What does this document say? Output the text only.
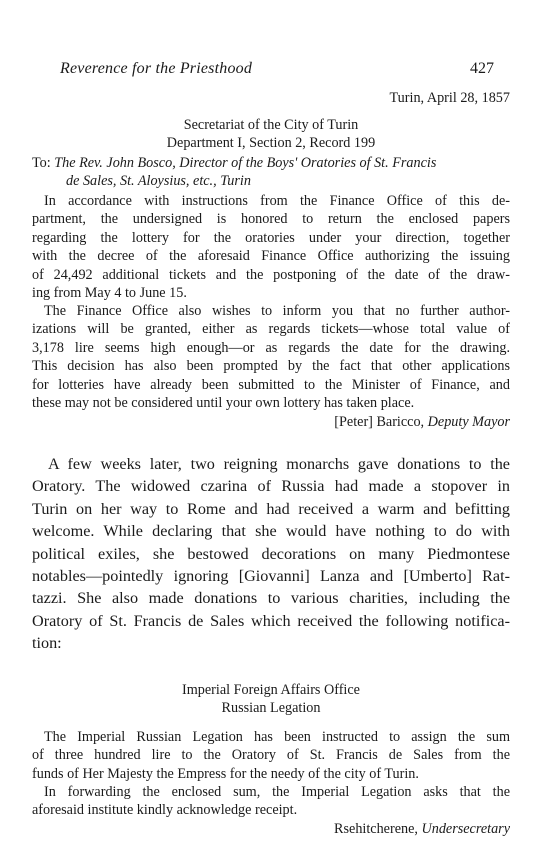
Reverence for the Priesthood	427
Turin, April 28, 1857
Secretariat of the City of Turin
Department I, Section 2, Record 199
To: The Rev. John Bosco, Director of the Boys' Oratories of St. Francis
de Sales, St. Aloysius, etc., Turin
In accordance with instructions from the Finance Office of this de-
partment, the undersigned is honored to return the enclosed papers
regarding the lottery for the oratories under your direction, together
with the decree of the aforesaid Finance Office authorizing the issuing
of 24,492 additional tickets and the postponing of the date of the draw-
ing from May 4 to June 15.
The Finance Office also wishes to inform you that no further author-
izations will be granted, either as regards tickets—whose total value of
3,178 lire seems high enough—or as regards the date for the drawing.
This decision has also been prompted by the fact that other applications
for lotteries have already been submitted to the Minister of Finance, and
these may not be considered until your own lottery has taken place.
[Peter] Baricco, Deputy Mayor
A few weeks later, two reigning monarchs gave donations to the
Oratory. The widowed czarina of Russia had made a stopover in
Turin on her way to Rome and had received a warm and befitting
welcome. While declaring that she would have nothing to do with
political exiles, she bestowed decorations on many Piedmontese
notables—pointedly ignoring [Giovanni] Lanza and [Umberto] Rat-
tazzi. She also made donations to various charities, including the
Oratory of St. Francis de Sales which received the following notifica-
tion:
Imperial Foreign Affairs Office
Russian Legation
The Imperial Russian Legation has been instructed to assign the sum
of three hundred lire to the Oratory of St. Francis de Sales from the
funds of Her Majesty the Empress for the needy of the city of Turin.
In forwarding the enclosed sum, the Imperial Legation asks that the
aforesaid institute kindly acknowledge receipt.
Rsehitcherene, Undersecretary
